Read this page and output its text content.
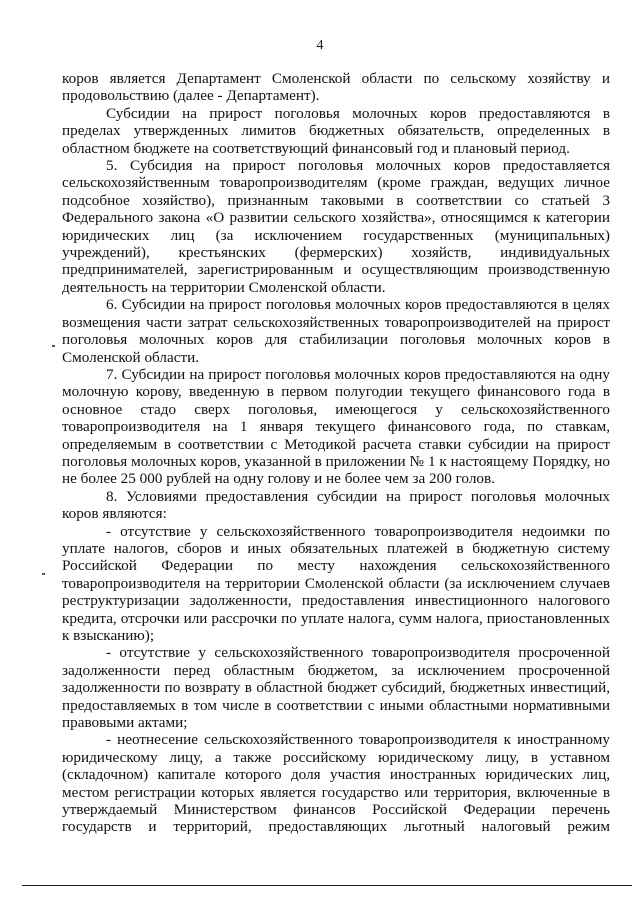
4

коров является Департамент Смоленской области по сельскому хозяйству и продовольствию (далее - Департамент).

Субсидии на прирост поголовья молочных коров предоставляются в пределах утвержденных лимитов бюджетных обязательств, определенных в областном бюджете на соответствующий финансовый год и плановый период.

5. Субсидия на прирост поголовья молочных коров предоставляется сельскохозяйственным товаропроизводителям (кроме граждан, ведущих личное подсобное хозяйство), признанным таковыми в соответствии со статьей 3 Федерального закона «О развитии сельского хозяйства», относящимся к категории юридических лиц (за исключением государственных (муниципальных) учреждений), крестьянских (фермерских) хозяйств, индивидуальных предпринимателей, зарегистрированным и осуществляющим производственную деятельность на территории Смоленской области.

6. Субсидии на прирост поголовья молочных коров предоставляются в целях возмещения части затрат сельскохозяйственных товаропроизводителей на прирост поголовья молочных коров для стабилизации поголовья молочных коров в Смоленской области.

7. Субсидии на прирост поголовья молочных коров предоставляются на одну молочную корову, введенную в первом полугодии текущего финансового года в основное стадо сверх поголовья, имеющегося у сельскохозяйственного товаропроизводителя на 1 января текущего финансового года, по ставкам, определяемым в соответствии с Методикой расчета ставки субсидии на прирост поголовья молочных коров, указанной в приложении № 1 к настоящему Порядку, но не более 25 000 рублей на одну голову и не более чем за 200 голов.

8. Условиями предоставления субсидии на прирост поголовья молочных коров являются:

- отсутствие у сельскохозяйственного товаропроизводителя недоимки по уплате налогов, сборов и иных обязательных платежей в бюджетную систему Российской Федерации по месту нахождения сельскохозяйственного товаропроизводителя на территории Смоленской области (за исключением случаев реструктуризации задолженности, предоставления инвестиционного налогового кредита, отсрочки или рассрочки по уплате налога, сумм налога, приостановленных к взысканию);

- отсутствие у сельскохозяйственного товаропроизводителя просроченной задолженности перед областным бюджетом, за исключением просроченной задолженности по возврату в областной бюджет субсидий, бюджетных инвестиций, предоставляемых в том числе в соответствии с иными областными нормативными правовыми актами;

- неотнесение сельскохозяйственного товаропроизводителя к иностранному юридическому лицу, а также российскому юридическому лицу, в уставном (складочном) капитале которого доля участия иностранных юридических лиц, местом регистрации которых является государство или территория, включенные в утверждаемый Министерством финансов Российской Федерации перечень государств и территорий, предоставляющих льготный налоговый режим
